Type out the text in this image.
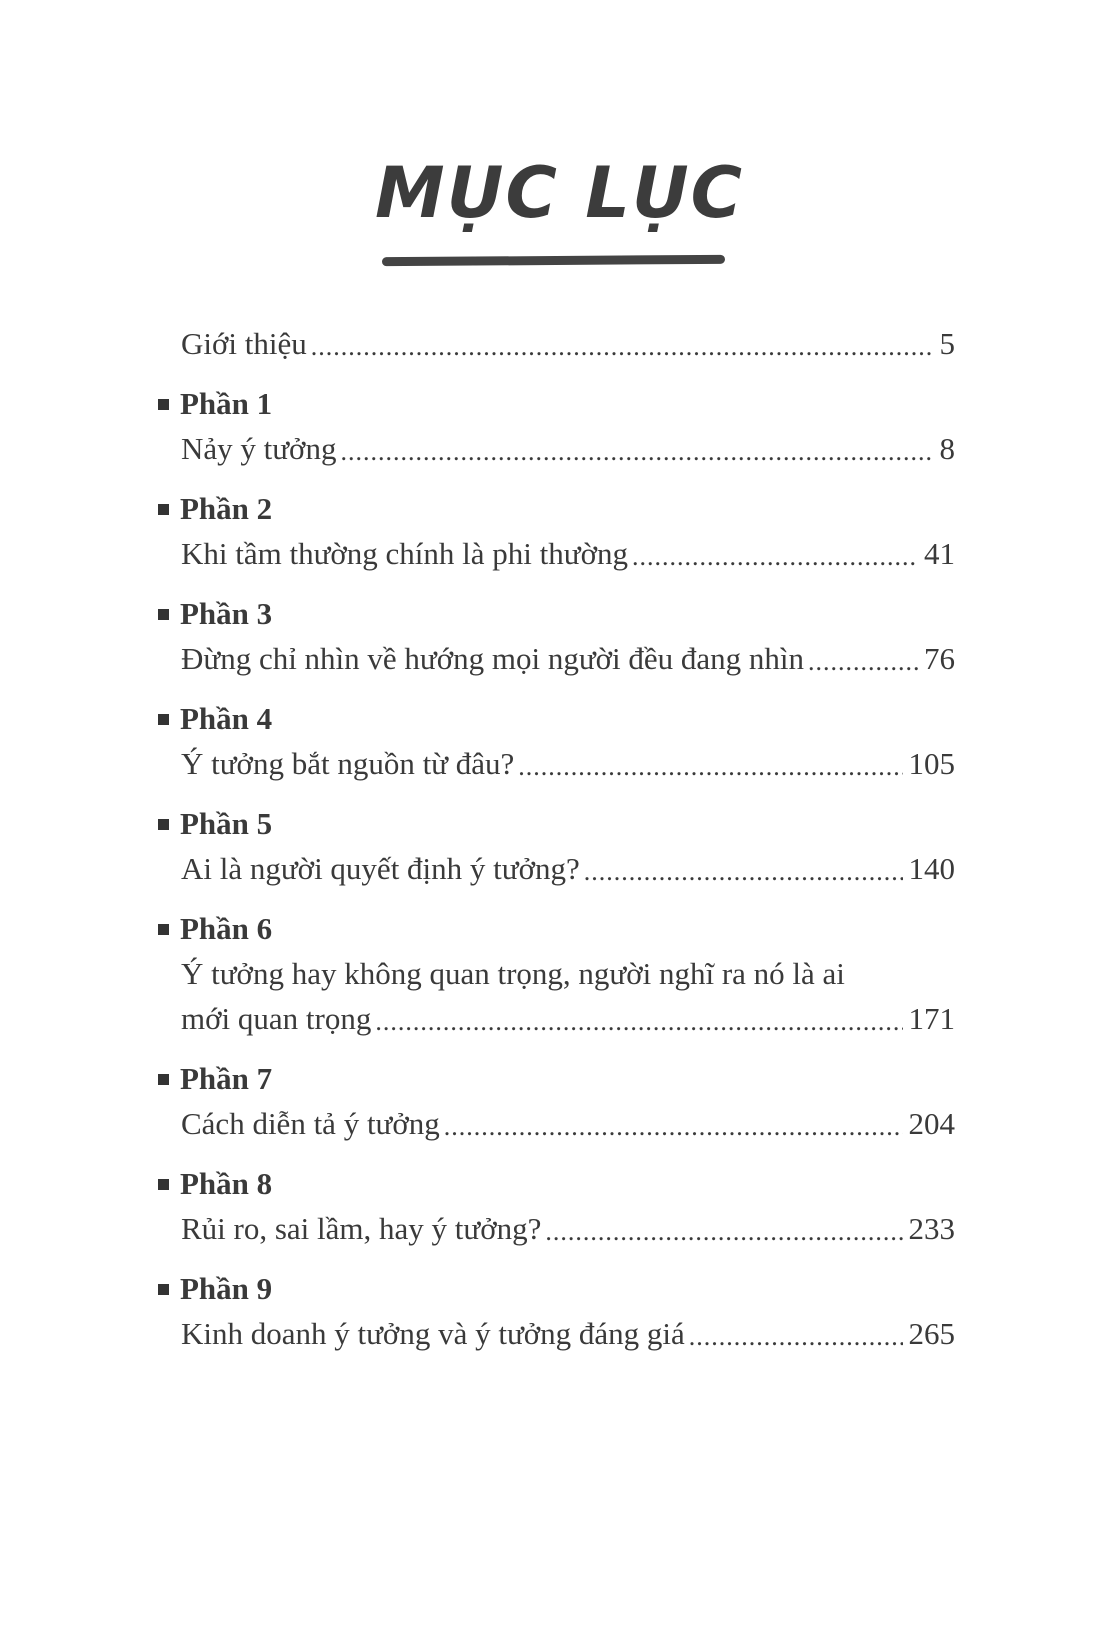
MỤC LỤC
Giới thiệu .....	5
Phần 1
Nảy ý tưởng .....	8
Phần 2
Khi tầm thường chính là phi thường .....	41
Phần 3
Đừng chỉ nhìn về hướng mọi người đều đang nhìn .....	76
Phần 4
Ý tưởng bắt nguồn từ đâu? .....	105
Phần 5
Ai là người quyết định ý tưởng? .....	140
Phần 6
Ý tưởng hay không quan trọng, người nghĩ ra nó là ai
mới quan trọng .....	171
Phần 7
Cách diễn tả ý tưởng .....	204
Phần 8
Rủi ro, sai lầm, hay ý tưởng? .....	233
Phần 9
Kinh doanh ý tưởng và ý tưởng đáng giá .....	265
